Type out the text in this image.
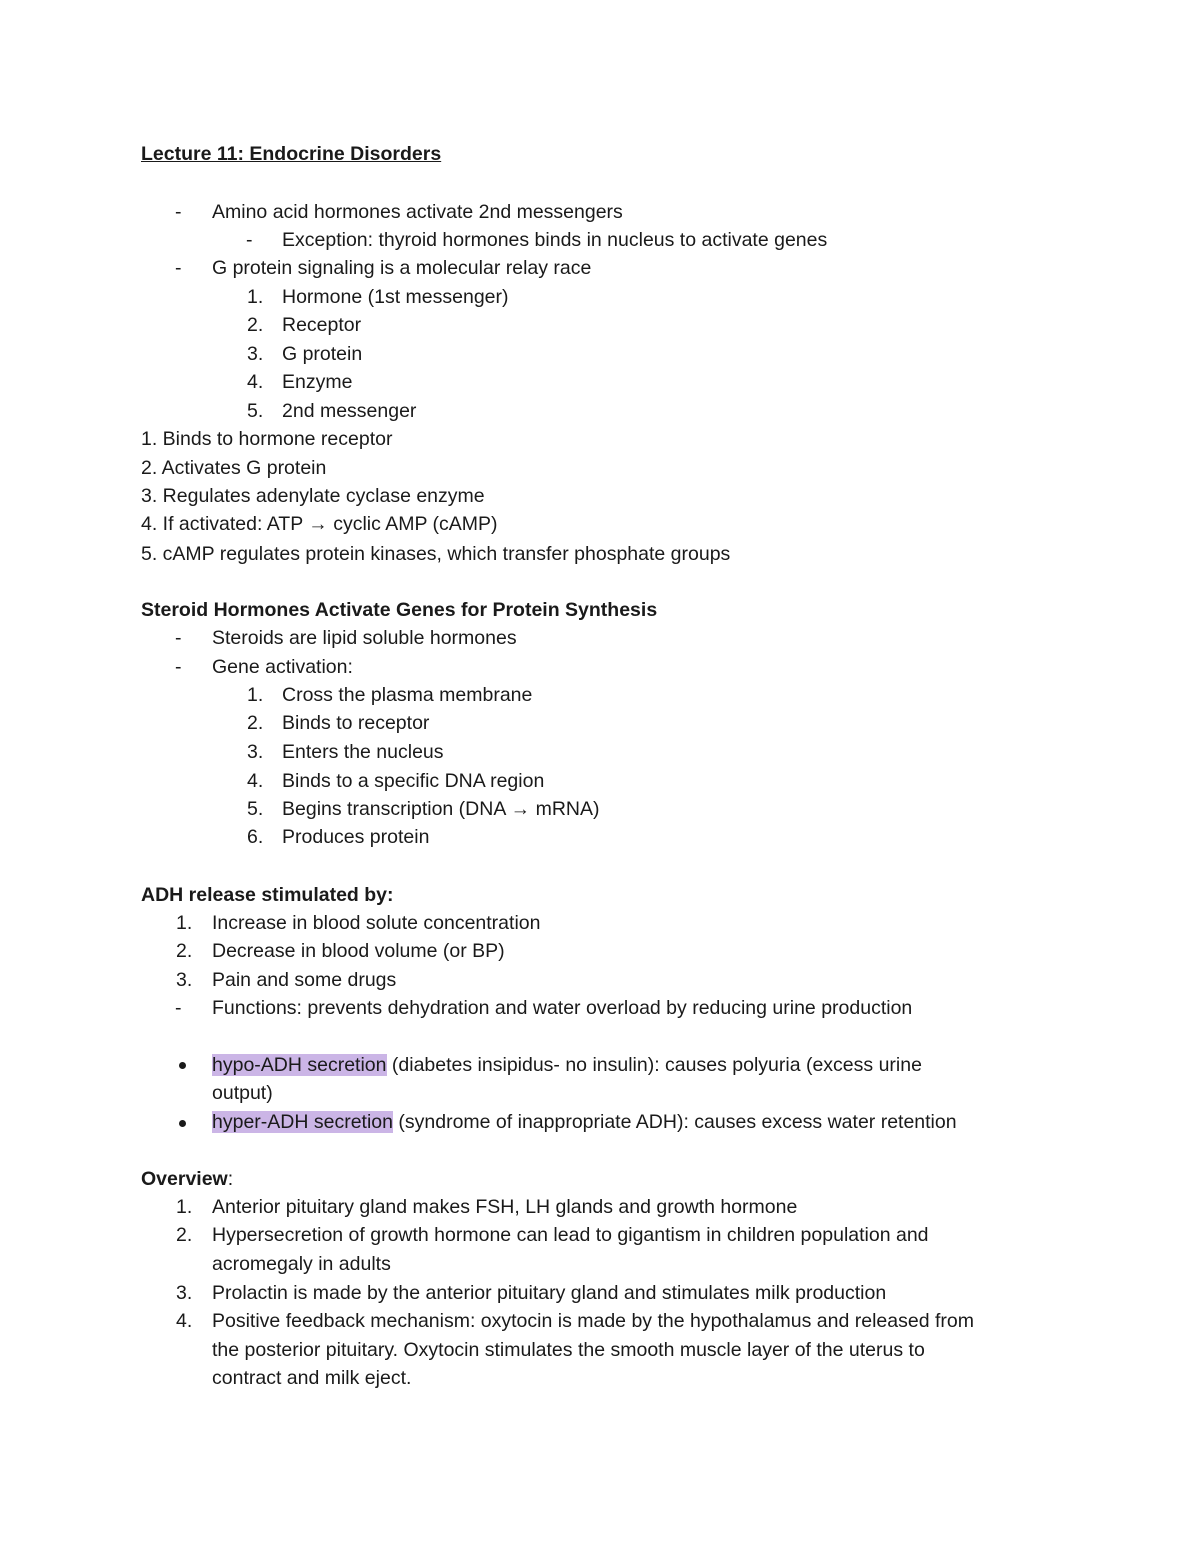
Lecture 11: Endocrine Disorders
- Amino acid hormones activate 2nd messengers
- Exception: thyroid hormones binds in nucleus to activate genes
- G protein signaling is a molecular relay race
1. Hormone (1st messenger)
2. Receptor
3. G protein
4. Enzyme
5. 2nd messenger
1. Binds to hormone receptor
2. Activates G protein
3. Regulates adenylate cyclase enzyme
4. If activated: ATP → cyclic AMP (cAMP)
5. cAMP regulates protein kinases, which transfer phosphate groups
Steroid Hormones Activate Genes for Protein Synthesis
- Steroids are lipid soluble hormones
- Gene activation:
1. Cross the plasma membrane
2. Binds to receptor
3. Enters the nucleus
4. Binds to a specific DNA region
5. Begins transcription (DNA → mRNA)
6. Produces protein
ADH release stimulated by:
1. Increase in blood solute concentration
2. Decrease in blood volume (or BP)
3. Pain and some drugs
- Functions: prevents dehydration and water overload by reducing urine production
hypo-ADH secretion (diabetes insipidus- no insulin): causes polyuria (excess urine
output)
hyper-ADH secretion (syndrome of inappropriate ADH): causes excess water retention
Overview:
1. Anterior pituitary gland makes FSH, LH glands and growth hormone
2. Hypersecretion of growth hormone can lead to gigantism in children population and
acromegaly in adults
3. Prolactin is made by the anterior pituitary gland and stimulates milk production
4. Positive feedback mechanism: oxytocin is made by the hypothalamus and released from
the posterior pituitary. Oxytocin stimulates the smooth muscle layer of the uterus to
contract and milk eject.
